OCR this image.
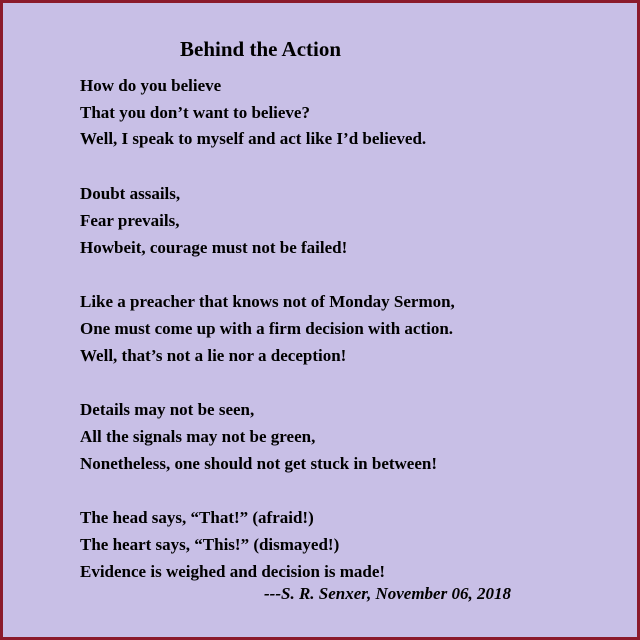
Behind the Action
How do you believe
That you don’t want to believe?
Well, I speak to myself and act like I’d believed.
Doubt assails,
Fear prevails,
Howbeit, courage must not be failed!
Like a preacher that knows not of Monday Sermon,
One must come up with a firm decision with action.
Well, that’s not a lie nor a deception!
Details may not be seen,
All the signals may not be green,
Nonetheless, one should not get stuck in between!
The head says, “That!” (afraid!)
The heart says, “This!” (dismayed!)
Evidence is weighed and decision is made!

---S. R. Senxer, November 06, 2018
